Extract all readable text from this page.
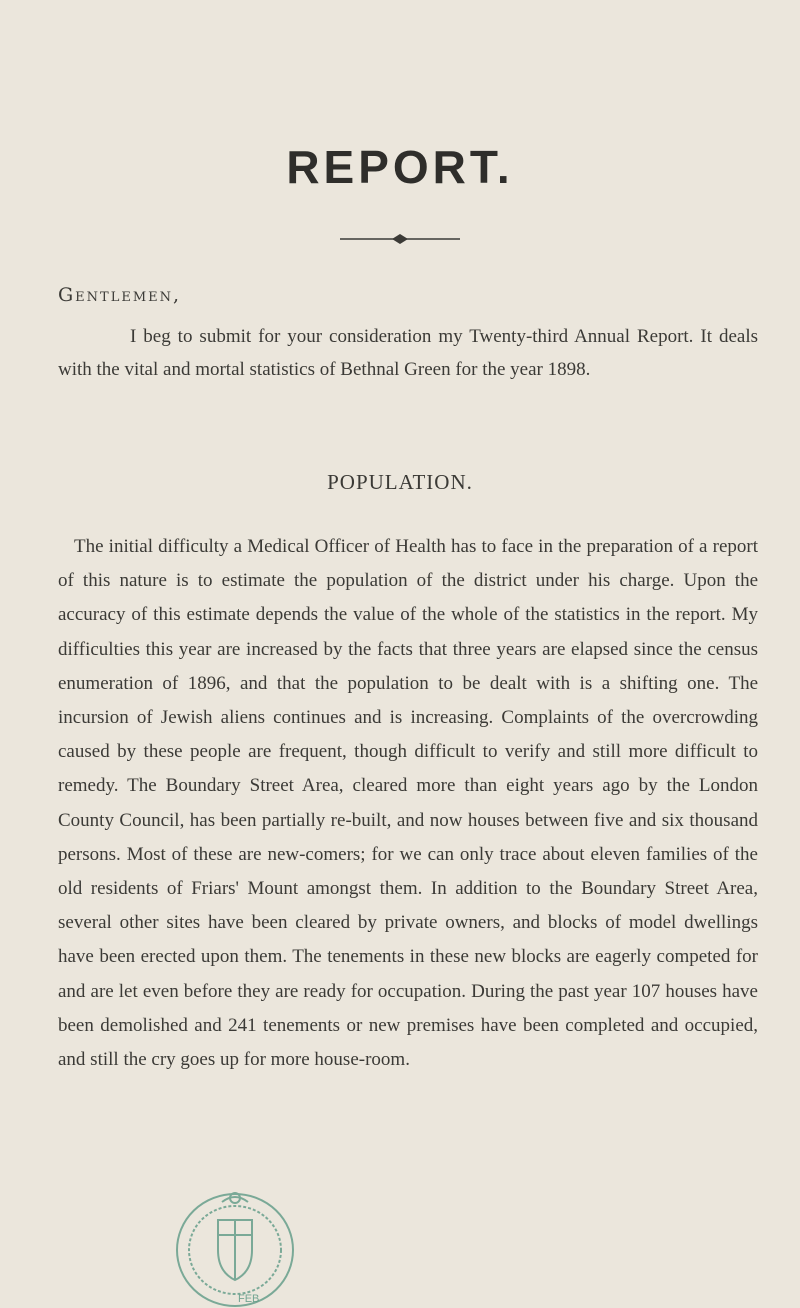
REPORT.
Gentlemen,

I beg to submit for your consideration my Twenty-third Annual Report. It deals with the vital and mortal statistics of Bethnal Green for the year 1898.

POPULATION.

The initial difficulty a Medical Officer of Health has to face in the preparation of a report of this nature is to estimate the population of the district under his charge. Upon the accuracy of this estimate depends the value of the whole of the statistics in the report. My difficulties this year are increased by the facts that three years are elapsed since the census enumeration of 1896, and that the population to be dealt with is a shifting one. The incursion of Jewish aliens continues and is increasing. Complaints of the overcrowding caused by these people are frequent, though difficult to verify and still more difficult to remedy. The Boundary Street Area, cleared more than eight years ago by the London County Council, has been partially re-built, and now houses between five and six thousand persons. Most of these are new-comers; for we can only trace about eleven families of the old residents of Friars' Mount amongst them. In addition to the Boundary Street Area, several other sites have been cleared by private owners, and blocks of model dwellings have been erected upon them. The tenements in these new blocks are eagerly competed for and are let even before they are ready for occupation. During the past year 107 houses have been demolished and 241 tenements or new premises have been completed and occupied, and still the cry goes up for more house-room.

FEB
